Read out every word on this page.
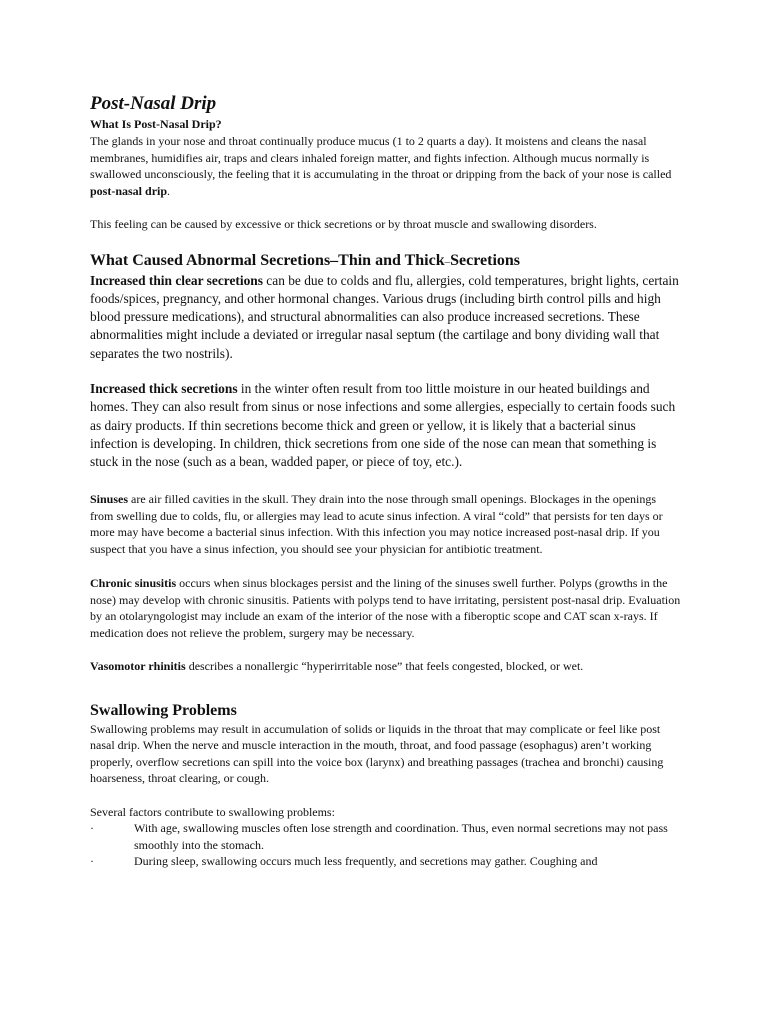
Post-Nasal Drip
What Is Post-Nasal Drip?

The glands in your nose and throat continually produce mucus (1 to 2 quarts a day). It moistens and cleans the nasal membranes, humidifies air, traps and clears inhaled foreign matter, and fights infection. Although mucus normally is swallowed unconsciously, the feeling that it is accumulating in the throat or dripping from the back of your nose is called post-nasal drip.

This feeling can be caused by excessive or thick secretions or by throat muscle and swallowing disorders.

What Caused Abnormal Secretions–Thin and Thick–Secretions

Increased thin clear secretions can be due to colds and flu, allergies, cold temperatures, bright lights, certain foods/spices, pregnancy, and other hormonal changes. Various drugs (including birth control pills and high blood pressure medications), and structural abnormalities can also produce increased secretions. These abnormalities might include a deviated or irregular nasal septum (the cartilage and bony dividing wall that separates the two nostrils).

Increased thick secretions in the winter often result from too little moisture in our heated buildings and homes. They can also result from sinus or nose infections and some allergies, especially to certain foods such as dairy products. If thin secretions become thick and green or yellow, it is likely that a bacterial sinus infection is developing. In children, thick secretions from one side of the nose can mean that something is stuck in the nose (such as a bean, wadded paper, or piece of toy, etc.).

Sinuses are air filled cavities in the skull. They drain into the nose through small openings. Blockages in the openings from swelling due to colds, flu, or allergies may lead to acute sinus infection. A viral “cold” that persists for ten days or more may have become a bacterial sinus infection. With this infection you may notice increased post-nasal drip. If you suspect that you have a sinus infection, you should see your physician for antibiotic treatment.

Chronic sinusitis occurs when sinus blockages persist and the lining of the sinuses swell further. Polyps (growths in the nose) may develop with chronic sinusitis. Patients with polyps tend to have irritating, persistent post-nasal drip. Evaluation by an otolaryngologist may include an exam of the interior of the nose with a fiberoptic scope and CAT scan x-rays. If medication does not relieve the problem, surgery may be necessary.

Vasomotor rhinitis describes a nonallergic “hyperirritable nose” that feels congested, blocked, or wet.

Swallowing Problems

Swallowing problems may result in accumulation of solids or liquids in the throat that may complicate or feel like post nasal drip. When the nerve and muscle interaction in the mouth, throat, and food passage (esophagus) aren’t working properly, overflow secretions can spill into the voice box (larynx) and breathing passages (trachea and bronchi) causing hoarseness, throat clearing, or cough.

Several factors contribute to swallowing problems:

·	With age, swallowing muscles often lose strength and coordination. Thus, even normal secretions may not pass smoothly into the stomach.
·	During sleep, swallowing occurs much less frequently, and secretions may gather. Coughing and
